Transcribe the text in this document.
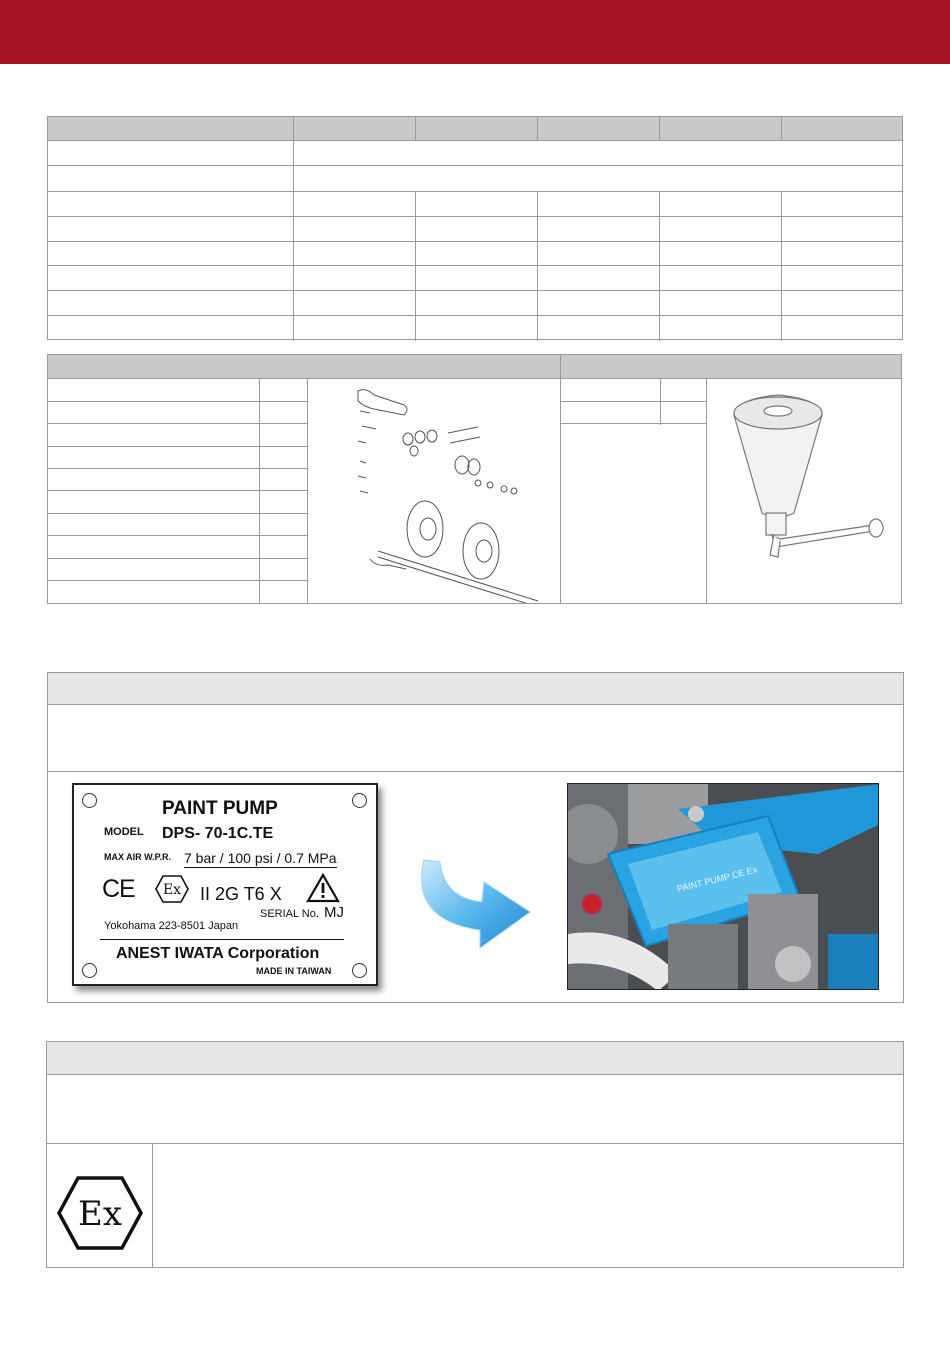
PAINT PUMP
MODEL DPS- 70-1C.TE
MAX AIR W.P.R. 7 bar / 100 psi / 0.7 MPa
CE Ex II 2G T6 X
SERIAL No. MJ
Yokohama 223-8501 Japan
ANEST IWATA Corporation
MADE IN TAIWAN
PAINT PUMP CE Ex
Ex
